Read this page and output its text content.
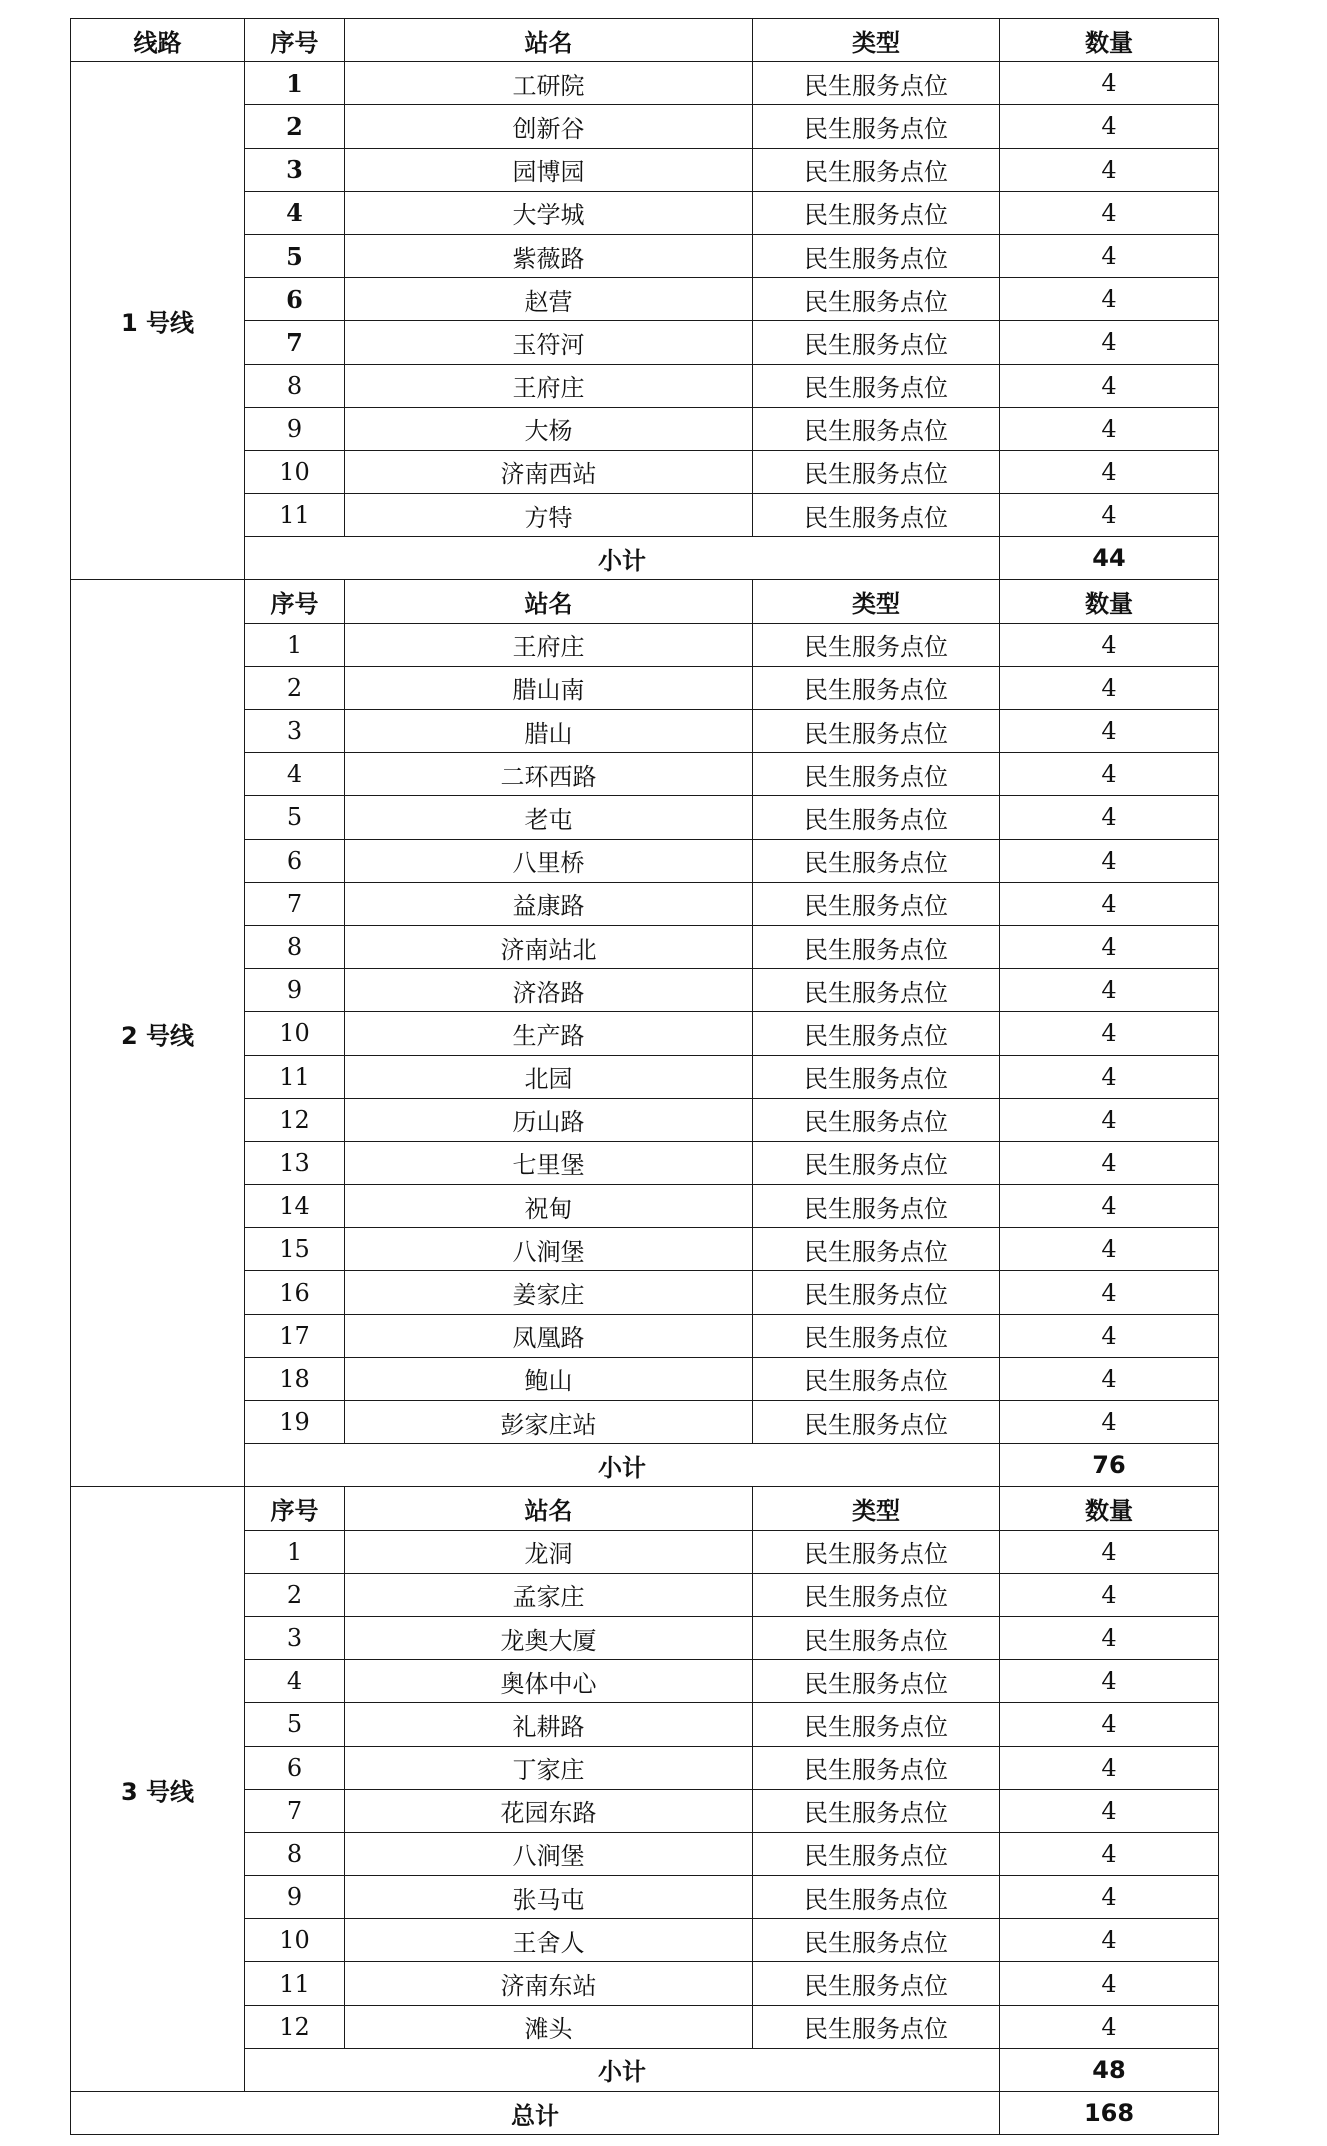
线路	序号	站名	类型	数量
1 号线	1	工研院	民生服务点位	4
	2	创新谷	民生服务点位	4
	3	园博园	民生服务点位	4
	4	大学城	民生服务点位	4
	5	紫薇路	民生服务点位	4
	6	赵营	民生服务点位	4
	7	玉符河	民生服务点位	4
	8	王府庄	民生服务点位	4
	9	大杨	民生服务点位	4
	10	济南西站	民生服务点位	4
	11	方特	民生服务点位	4
	小计			44
2 号线	序号	站名	类型	数量
	1	王府庄	民生服务点位	4
	2	腊山南	民生服务点位	4
	3	腊山	民生服务点位	4
	4	二环西路	民生服务点位	4
	5	老屯	民生服务点位	4
	6	八里桥	民生服务点位	4
	7	益康路	民生服务点位	4
	8	济南站北	民生服务点位	4
	9	济洛路	民生服务点位	4
	10	生产路	民生服务点位	4
	11	北园	民生服务点位	4
	12	历山路	民生服务点位	4
	13	七里堡	民生服务点位	4
	14	祝甸	民生服务点位	4
	15	八涧堡	民生服务点位	4
	16	姜家庄	民生服务点位	4
	17	凤凰路	民生服务点位	4
	18	鲍山	民生服务点位	4
	19	彭家庄站	民生服务点位	4
	小计			76
3 号线	序号	站名	类型	数量
	1	龙洞	民生服务点位	4
	2	孟家庄	民生服务点位	4
	3	龙奥大厦	民生服务点位	4
	4	奥体中心	民生服务点位	4
	5	礼耕路	民生服务点位	4
	6	丁家庄	民生服务点位	4
	7	花园东路	民生服务点位	4
	8	八涧堡	民生服务点位	4
	9	张马屯	民生服务点位	4
	10	王舍人	民生服务点位	4
	11	济南东站	民生服务点位	4
	12	滩头	民生服务点位	4
	小计			48
总计				168
